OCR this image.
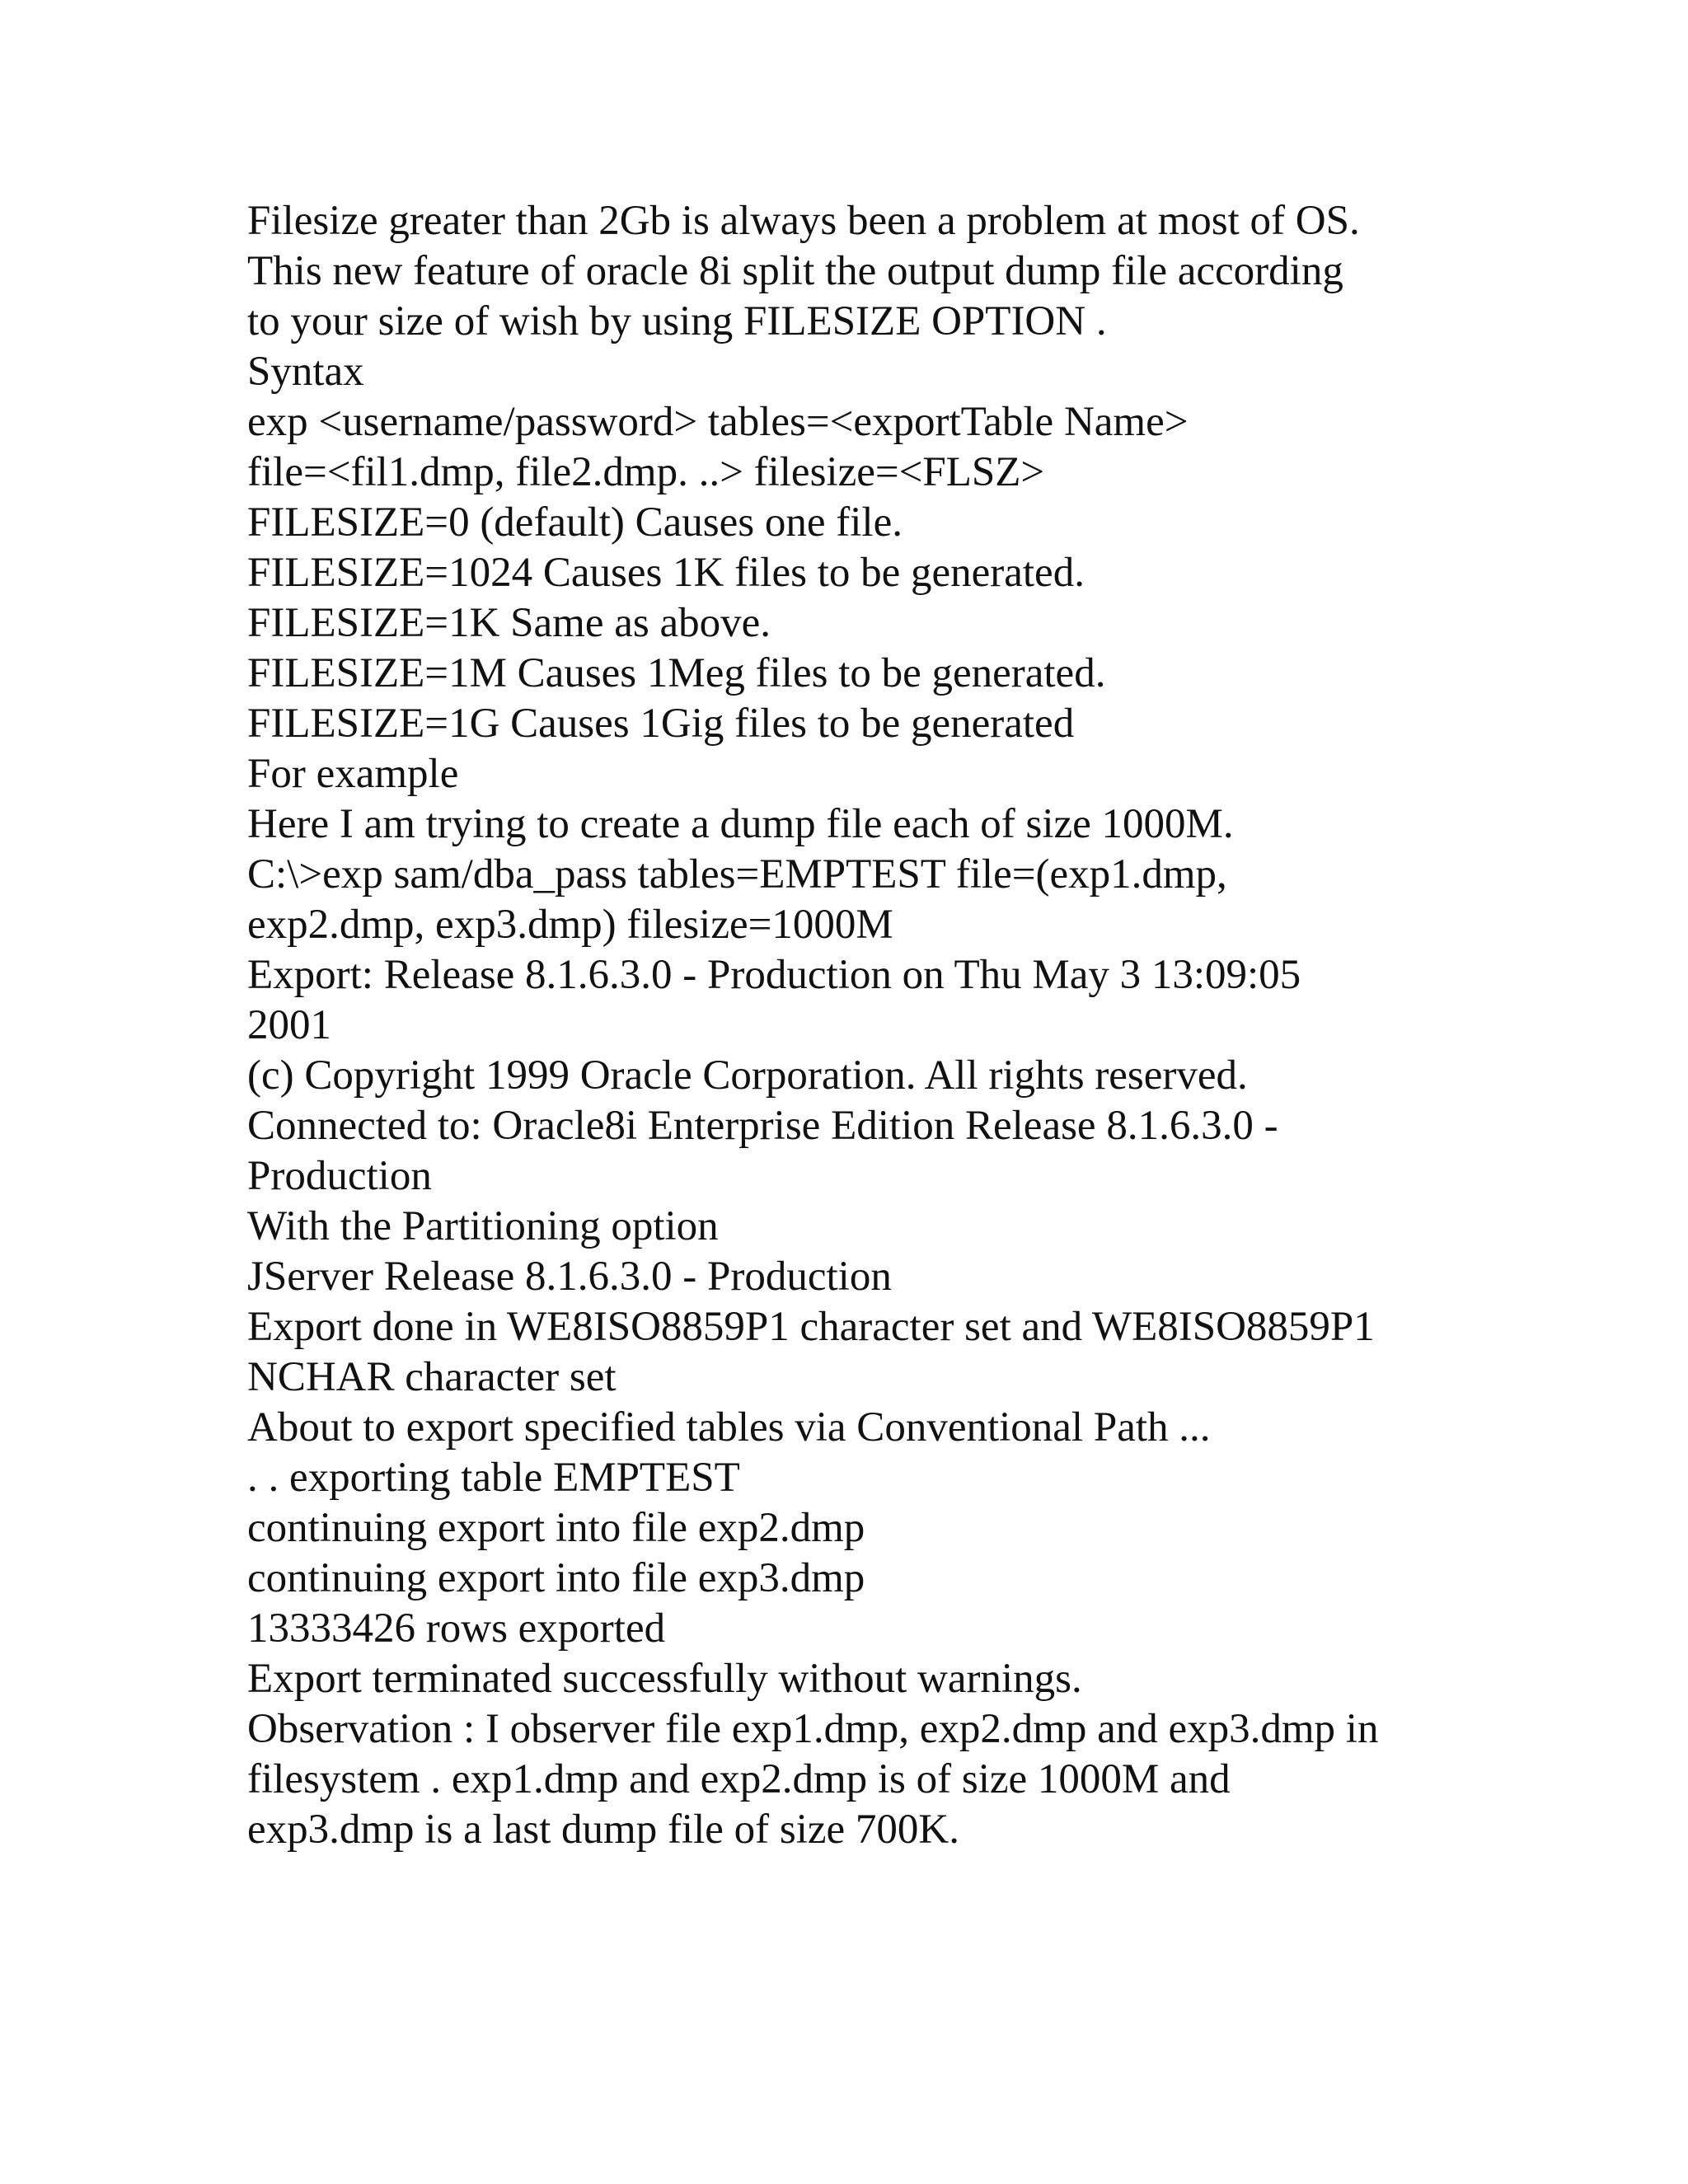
Filesize greater than 2Gb is always been a problem at most of OS.

This new feature of oracle 8i split the output dump file according

to your size of wish by using FILESIZE OPTION .

Syntax

exp <username/password> tables=<exportTable Name>

file=<fil1.dmp, file2.dmp. ..> filesize=<FLSZ>

FILESIZE=0 (default) Causes one file.

FILESIZE=1024 Causes 1K files to be generated.

FILESIZE=1K Same as above.

FILESIZE=1M Causes 1Meg files to be generated.

FILESIZE=1G Causes 1Gig files to be generated

For example

Here I am trying to create a dump file each of size 1000M.

C:\>exp sam/dba_pass tables=EMPTEST file=(exp1.dmp,

exp2.dmp, exp3.dmp) filesize=1000M

Export: Release 8.1.6.3.0 - Production on Thu May 3 13:09:05

2001

(c) Copyright 1999 Oracle Corporation. All rights reserved.

Connected to: Oracle8i Enterprise Edition Release 8.1.6.3.0 -

Production

With the Partitioning option

JServer Release 8.1.6.3.0 - Production

Export done in WE8ISO8859P1 character set and WE8ISO8859P1

NCHAR character set

About to export specified tables via Conventional Path ...

. . exporting table EMPTEST

continuing export into file exp2.dmp

continuing export into file exp3.dmp

13333426 rows exported

Export terminated successfully without warnings.

Observation : I observer file exp1.dmp, exp2.dmp and exp3.dmp in

filesystem . exp1.dmp and exp2.dmp is of size 1000M and

exp3.dmp is a last dump file of size 700K.
